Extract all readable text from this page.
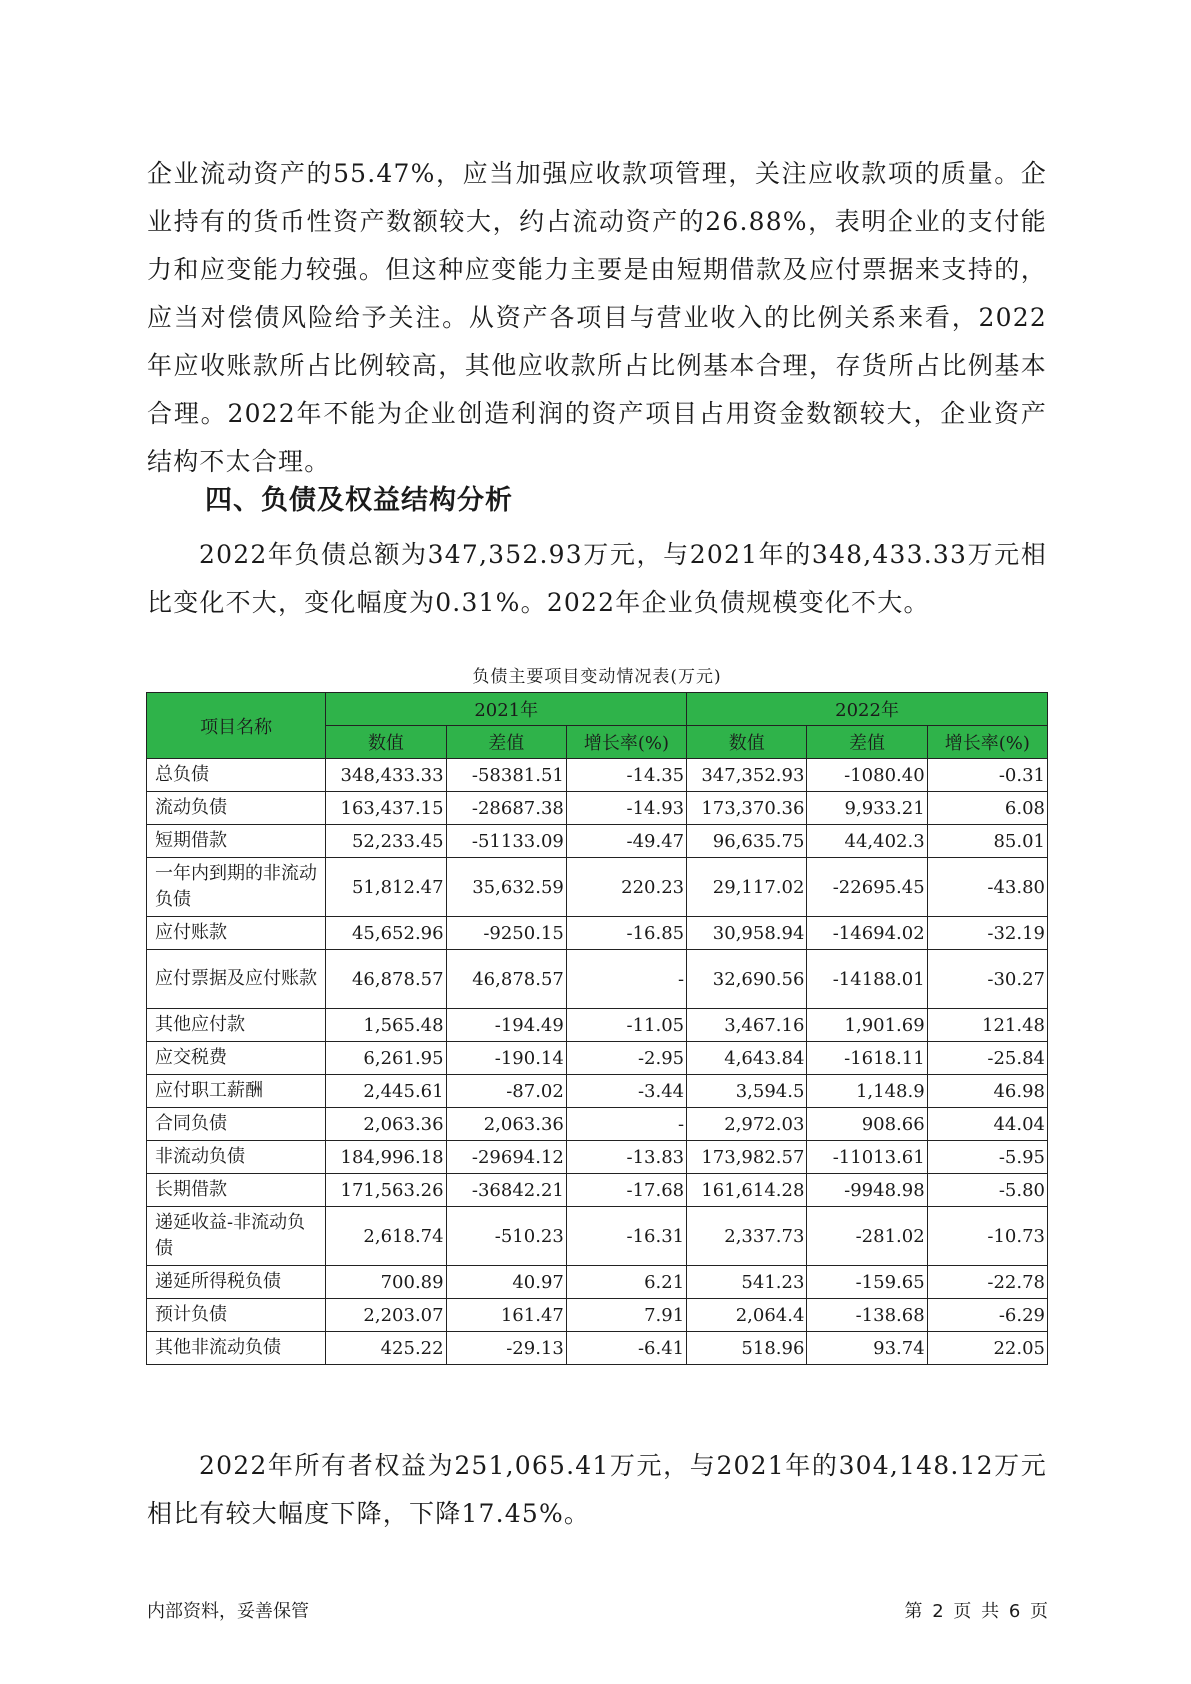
企业流动资产的55.47%，应当加强应收款项管理，关注应收款项的质量。企业持有的货币性资产数额较大，约占流动资产的26.88%，表明企业的支付能力和应变能力较强。但这种应变能力主要是由短期借款及应付票据来支持的，应当对偿债风险给予关注。从资产各项目与营业收入的比例关系来看，2022年应收账款所占比例较高，其他应收款所占比例基本合理，存货所占比例基本合理。2022年不能为企业创造利润的资产项目占用资金数额较大，企业资产结构不太合理。

四、负债及权益结构分析

2022年负债总额为347,352.93万元，与2021年的348,433.33万元相比变化不大，变化幅度为0.31%。2022年企业负债规模变化不大。

负债主要项目变动情况表(万元)
项目名称	2021年			2022年		
	数值	差值	增长率(%)	数值	差值	增长率(%)
总负债	348,433.33	-58381.51	-14.35	347,352.93	-1080.40	-0.31
流动负债	163,437.15	-28687.38	-14.93	173,370.36	9,933.21	6.08
短期借款	52,233.45	-51133.09	-49.47	96,635.75	44,402.3	85.01
一年内到期的非流动负债	51,812.47	35,632.59	220.23	29,117.02	-22695.45	-43.80
应付账款	45,652.96	-9250.15	-16.85	30,958.94	-14694.02	-32.19
应付票据及应付账款	46,878.57	46,878.57	-	32,690.56	-14188.01	-30.27
其他应付款	1,565.48	-194.49	-11.05	3,467.16	1,901.69	121.48
应交税费	6,261.95	-190.14	-2.95	4,643.84	-1618.11	-25.84
应付职工薪酬	2,445.61	-87.02	-3.44	3,594.5	1,148.9	46.98
合同负债	2,063.36	2,063.36	-	2,972.03	908.66	44.04
非流动负债	184,996.18	-29694.12	-13.83	173,982.57	-11013.61	-5.95
长期借款	171,563.26	-36842.21	-17.68	161,614.28	-9948.98	-5.80
递延收益-非流动负债	2,618.74	-510.23	-16.31	2,337.73	-281.02	-10.73
递延所得税负债	700.89	40.97	6.21	541.23	-159.65	-22.78
预计负债	2,203.07	161.47	7.91	2,064.4	-138.68	-6.29
其他非流动负债	425.22	-29.13	-6.41	518.96	93.74	22.05

2022年所有者权益为251,065.41万元，与2021年的304,148.12万元相比有较大幅度下降，下降17.45%。

内部资料，妥善保管	第 2 页 共 6 页
